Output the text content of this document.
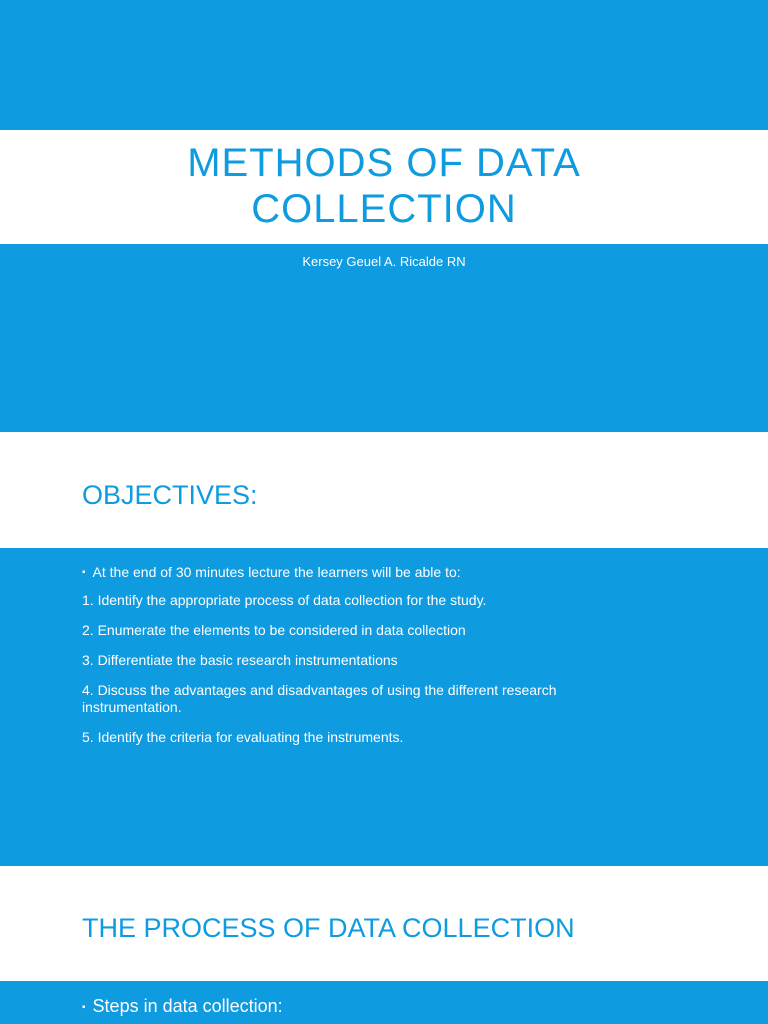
METHODS OF DATA
COLLECTION
Kersey Geuel A. Ricalde RN
OBJECTIVES:
▪ At the end of 30 minutes lecture the learners will be able to:
1. Identify the appropriate process of data collection for the study.
2. Enumerate the elements to be considered in data collection
3. Differentiate the basic research instrumentations
4. Discuss the advantages and disadvantages of using the different research instrumentation.
5. Identify the criteria for evaluating the instruments.
THE PROCESS OF DATA COLLECTION
▪ Steps in data collection:
